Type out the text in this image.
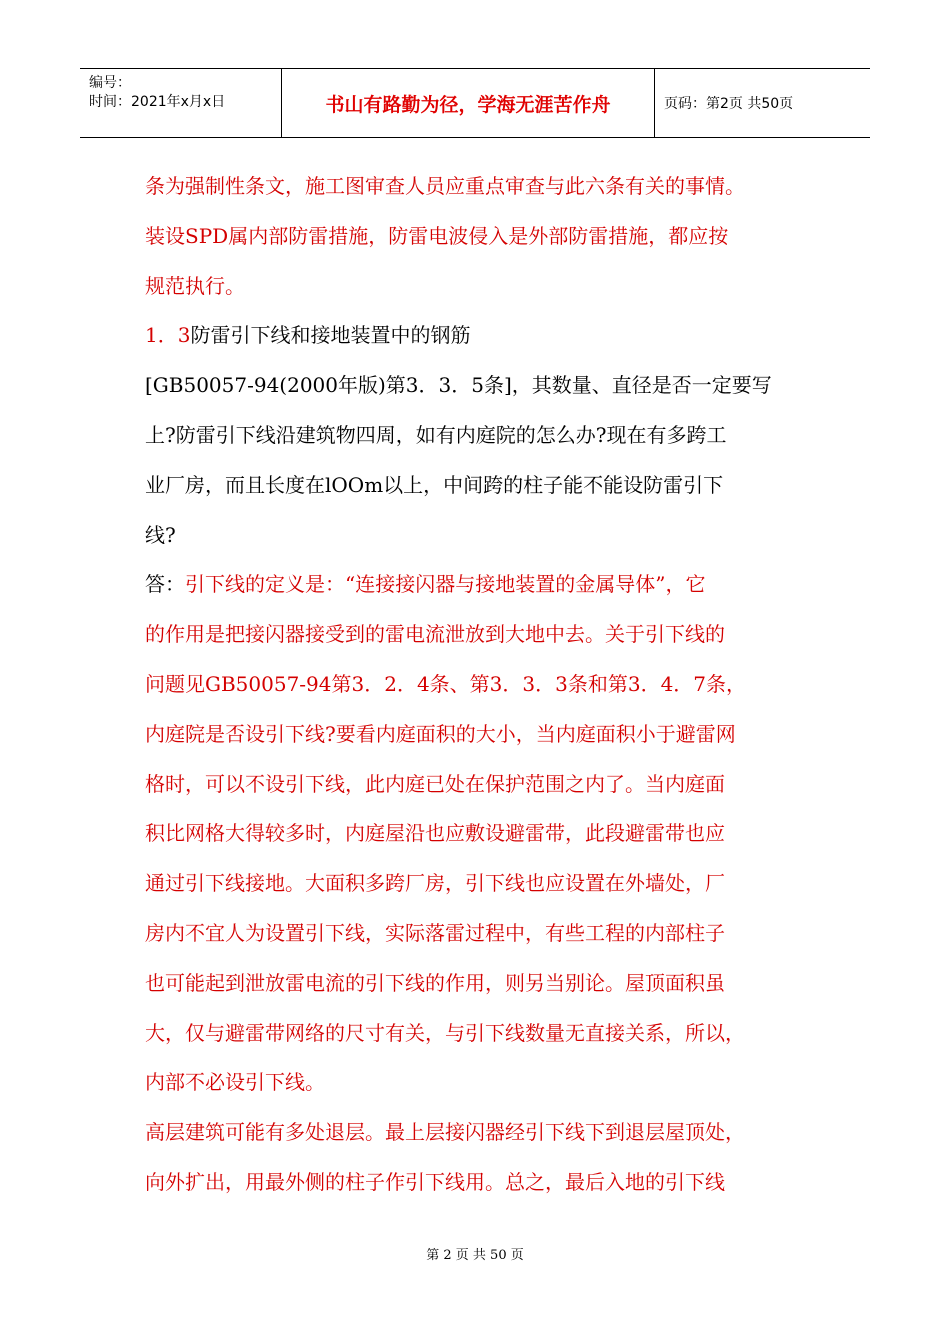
编号：
时间：2021年x月x日	书山有路勤为径，学海无涯苦作舟	页码：第2页 共50页
条为强制性条文，施工图审查人员应重点审查与此六条有关的事情。
装设SPD属内部防雷措施，防雷电波侵入是外部防雷措施，都应按
规范执行。
1．3防雷引下线和接地装置中的钢筋
[GB50057-94(2000年版)第3．3．5条]，其数量、直径是否一定要写
上?防雷引下线沿建筑物四周，如有内庭院的怎么办?现在有多跨工
业厂房，而且长度在lOOm以上，中间跨的柱子能不能设防雷引下
线?
答：引下线的定义是：“连接接闪器与接地装置的金属导体”，它
的作用是把接闪器接受到的雷电流泄放到大地中去。关于引下线的
问题见GB50057-94第3．2．4条、第3．3．3条和第3．4．7条，
内庭院是否设引下线?要看内庭面积的大小，当内庭面积小于避雷网
格时，可以不设引下线，此内庭已处在保护范围之内了。当内庭面
积比网格大得较多时，内庭屋沿也应敷设避雷带，此段避雷带也应
通过引下线接地。大面积多跨厂房，引下线也应设置在外墙处，厂
房内不宜人为设置引下线，实际落雷过程中，有些工程的内部柱子
也可能起到泄放雷电流的引下线的作用，则另当别论。屋顶面积虽
大，仅与避雷带网络的尺寸有关，与引下线数量无直接关系，所以，
内部不必设引下线。
高层建筑可能有多处退层。最上层接闪器经引下线下到退层屋顶处，
向外扩出，用最外侧的柱子作引下线用。总之，最后入地的引下线
第 2 页 共 50 页
